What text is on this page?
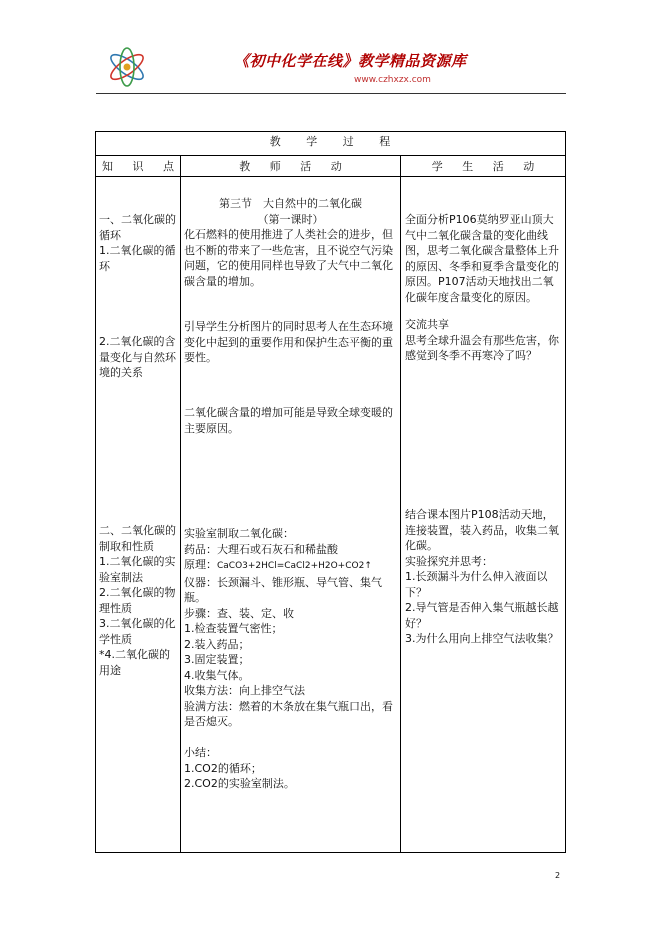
《初中化学在线》教学精品资源库
www.czhxzx.com
教 学 过 程
知 识 点	教 师 活 动	学 生 活 动

一、二氧化碳的循环

1.二氧化碳的循环

2.二氧化碳的含量变化与自然环境的关系

二、二氧化碳的制取和性质

1.二氧化碳的实验室制法

2.二氧化碳的物理性质

3.二氧化碳的化学性质

*4.二氧化碳的用途

第三节　大自然中的二氧化碳

（第一课时）

化石燃料的使用推进了人类社会的进步，但也不断的带来了一些危害，且不说空气污染问题，它的使用同样也导致了大气中二氧化碳含量的增加。

引导学生分析图片的同时思考人在生态环境变化中起到的重要作用和保护生态平衡的重要性。

二氧化碳含量的增加可能是导致全球变暖的主要原因。

实验室制取二氧化碳：

药品：大理石或石灰石和稀盐酸

原理：CaCO3+2HCl=CaCl2+H2O+CO2↑

仪器：长颈漏斗、锥形瓶、导气管、集气瓶。

步骤：查、装、定、收

1.检查装置气密性；

2.装入药品；

3.固定装置；

4.收集气体。

收集方法：向上排空气法

验满方法：燃着的木条放在集气瓶口出，看是否熄灭。

小结：

1.CO2的循环；

2.CO2的实验室制法。

全面分析P106莫纳罗亚山顶大气中二氧化碳含量的变化曲线图，思考二氧化碳含量整体上升的原因、冬季和夏季含量变化的原因。P107活动天地找出二氧化碳年度含量变化的原因。

交流共享

思考全球升温会有那些危害，你感觉到冬季不再寒冷了吗？

结合课本图片P108活动天地，连接装置，装入药品，收集二氧化碳。

实验探究并思考：

1.长颈漏斗为什么伸入液面以下？

2.导气管是否伸入集气瓶越长越好？

3.为什么用向上排空气法收集？

2
